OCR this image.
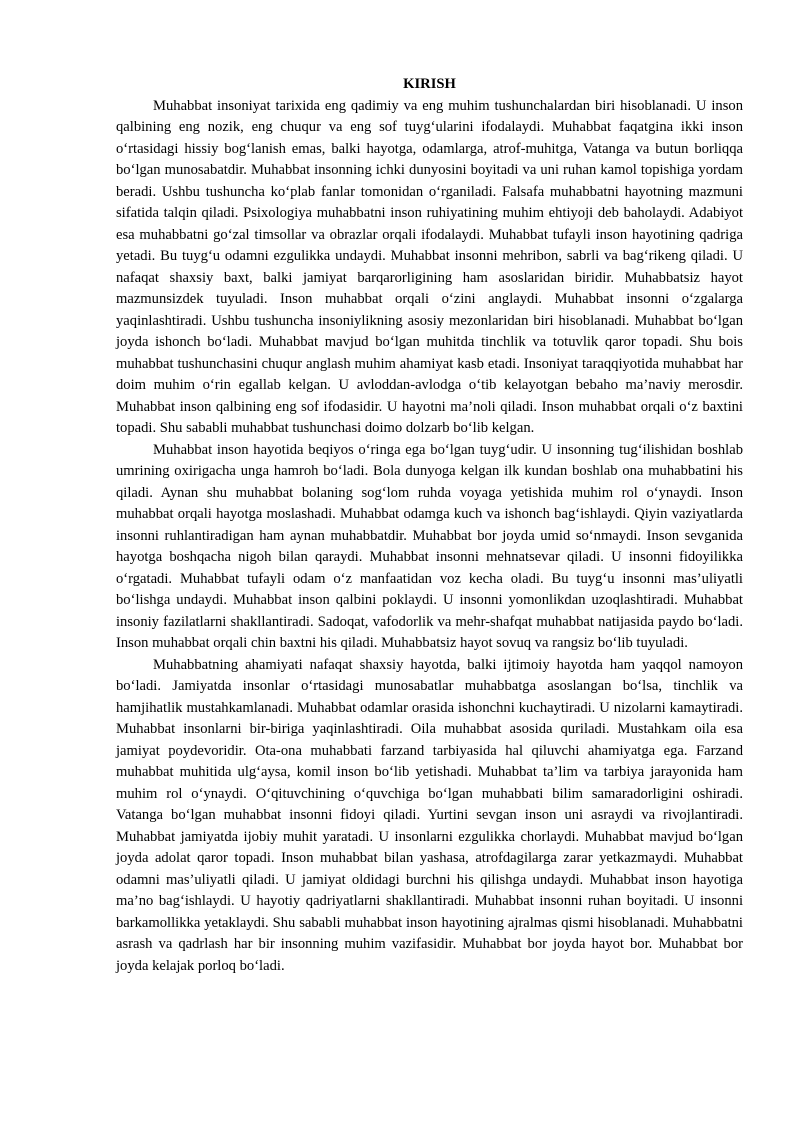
KIRISH

Muhabbat insoniyat tarixida eng qadimiy va eng muhim tushunchalardan biri hisoblanadi. U inson qalbining eng nozik, eng chuqur va eng sof tuyg‘ularini ifodalaydi. Muhabbat faqatgina ikki inson o‘rtasidagi hissiy bog‘lanish emas, balki hayotga, odamlarga, atrof-muhitga, Vatanga va butun borliqqa bo‘lgan munosabatdir. Muhabbat insonning ichki dunyosini boyitadi va uni ruhan kamol topishiga yordam beradi. Ushbu tushuncha ko‘plab fanlar tomonidan o‘rganiladi. Falsafa muhabbatni hayotning mazmuni sifatida talqin qiladi. Psixologiya muhabbatni inson ruhiyatining muhim ehtiyoji deb baholaydi. Adabiyot esa muhabbatni go‘zal timsollar va obrazlar orqali ifodalaydi. Muhabbat tufayli inson hayotining qadriga yetadi. Bu tuyg‘u odamni ezgulikka undaydi. Muhabbat insonni mehribon, sabrli va bag‘rikeng qiladi. U nafaqat shaxsiy baxt, balki jamiyat barqarorligining ham asoslaridan biridir. Muhabbatsiz hayot mazmunsizdek tuyuladi. Inson muhabbat orqali o‘zini anglaydi. Muhabbat insonni o‘zgalarga yaqinlashtiradi. Ushbu tushuncha insoniylikning asosiy mezonlaridan biri hisoblanadi. Muhabbat bo‘lgan joyda ishonch bo‘ladi. Muhabbat mavjud bo‘lgan muhitda tinchlik va totuvlik qaror topadi. Shu bois muhabbat tushunchasini chuqur anglash muhim ahamiyat kasb etadi. Insoniyat taraqqiyotida muhabbat har doim muhim o‘rin egallab kelgan. U avloddan-avlodga o‘tib kelayotgan bebaho ma’naviy merosdir. Muhabbat inson qalbining eng sof ifodasidir. U hayotni ma’noli qiladi. Inson muhabbat orqali o‘z baxtini topadi. Shu sababli muhabbat tushunchasi doimo dolzarb bo‘lib kelgan.

Muhabbat inson hayotida beqiyos o‘ringa ega bo‘lgan tuyg‘udir. U insonning tug‘ilishidan boshlab umrining oxirigacha unga hamroh bo‘ladi. Bola dunyoga kelgan ilk kundan boshlab ona muhabbatini his qiladi. Aynan shu muhabbat bolaning sog‘lom ruhda voyaga yetishida muhim rol o‘ynaydi. Inson muhabbat orqali hayotga moslashadi. Muhabbat odamga kuch va ishonch bag‘ishlaydi. Qiyin vaziyatlarda insonni ruhlantiradigan ham aynan muhabbatdir. Muhabbat bor joyda umid so‘nmaydi. Inson sevganida hayotga boshqacha nigoh bilan qaraydi. Muhabbat insonni mehnatsevar qiladi. U insonni fidoyilikka o‘rgatadi. Muhabbat tufayli odam o‘z manfaatidan voz kecha oladi. Bu tuyg‘u insonni mas’uliyatli bo‘lishga undaydi. Muhabbat inson qalbini poklaydi. U insonni yomonlikdan uzoqlashtiradi. Muhabbat insoniy fazilatlarni shakllantiradi. Sadoqat, vafodorlik va mehr-shafqat muhabbat natijasida paydo bo‘ladi. Inson muhabbat orqali chin baxtni his qiladi. Muhabbatsiz hayot sovuq va rangsiz bo‘lib tuyuladi.

Muhabbatning ahamiyati nafaqat shaxsiy hayotda, balki ijtimoiy hayotda ham yaqqol namoyon bo‘ladi. Jamiyatda insonlar o‘rtasidagi munosabatlar muhabbatga asoslangan bo‘lsa, tinchlik va hamjihatlik mustahkamlanadi. Muhabbat odamlar orasida ishonchni kuchaytiradi. U nizolarni kamaytiradi. Muhabbat insonlarni bir-biriga yaqinlashtiradi. Oila muhabbat asosida quriladi. Mustahkam oila esa jamiyat poydevoridir. Ota-ona muhabbati farzand tarbiyasida hal qiluvchi ahamiyatga ega. Farzand muhabbat muhitida ulg‘aysa, komil inson bo‘lib yetishadi. Muhabbat ta’lim va tarbiya jarayonida ham muhim rol o‘ynaydi. O‘qituvchining o‘quvchiga bo‘lgan muhabbati bilim samaradorligini oshiradi. Vatanga bo‘lgan muhabbat insonni fidoyi qiladi. Yurtini sevgan inson uni asraydi va rivojlantiradi. Muhabbat jamiyatda ijobiy muhit yaratadi. U insonlarni ezgulikka chorlaydi. Muhabbat mavjud bo‘lgan joyda adolat qaror topadi. Inson muhabbat bilan yashasa, atrofdagilarga zarar yetkazmaydi. Muhabbat odamni mas’uliyatli qiladi. U jamiyat oldidagi burchni his qilishga undaydi. Muhabbat inson hayotiga ma’no bag‘ishlaydi. U hayotiy qadriyatlarni shakllantiradi. Muhabbat insonni ruhan boyitadi. U insonni barkamollikka yetaklaydi. Shu sababli muhabbat inson hayotining ajralmas qismi hisoblanadi. Muhabbatni asrash va qadrlash har bir insonning muhim vazifasidir. Muhabbat bor joyda hayot bor. Muhabbat bor joyda kelajak porloq bo‘ladi.
